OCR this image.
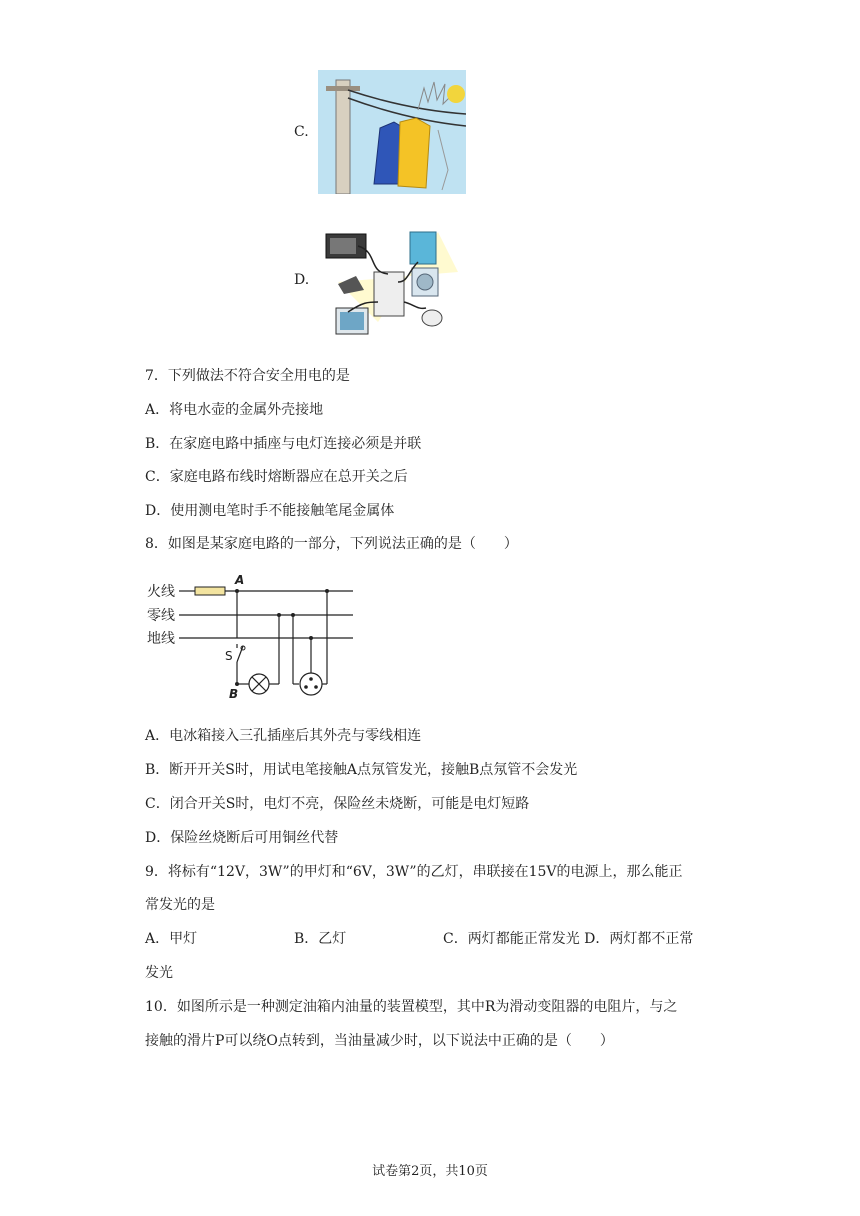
C.
D.
7．下列做法不符合安全用电的是
A．将电水壶的金属外壳接地
B．在家庭电路中插座与电灯连接必须是并联
C．家庭电路布线时熔断器应在总开关之后
D．使用测电笔时手不能接触笔尾金属体
8．如图是某家庭电路的一部分，下列说法正确的是（　　）
火线
零线
地线
A
S
B
A．电冰箱接入三孔插座后其外壳与零线相连
B．断开开关S时，用试电笔接触A点氖管发光，接触B点氖管不会发光
C．闭合开关S时，电灯不亮，保险丝未烧断，可能是电灯短路
D．保险丝烧断后可用铜丝代替
9．将标有“12V，3W”的甲灯和“6V，3W”的乙灯，串联接在15V的电源上，那么能正
常发光的是
A．甲灯	B．乙灯	C．两灯都能正常发光 D．两灯都不正常
发光
10．如图所示是一种测定油箱内油量的装置模型，其中R为滑动变阻器的电阻片，与之
接触的滑片P可以绕O点转到，当油量减少时，以下说法中正确的是（　　）
试卷第2页，共10页
